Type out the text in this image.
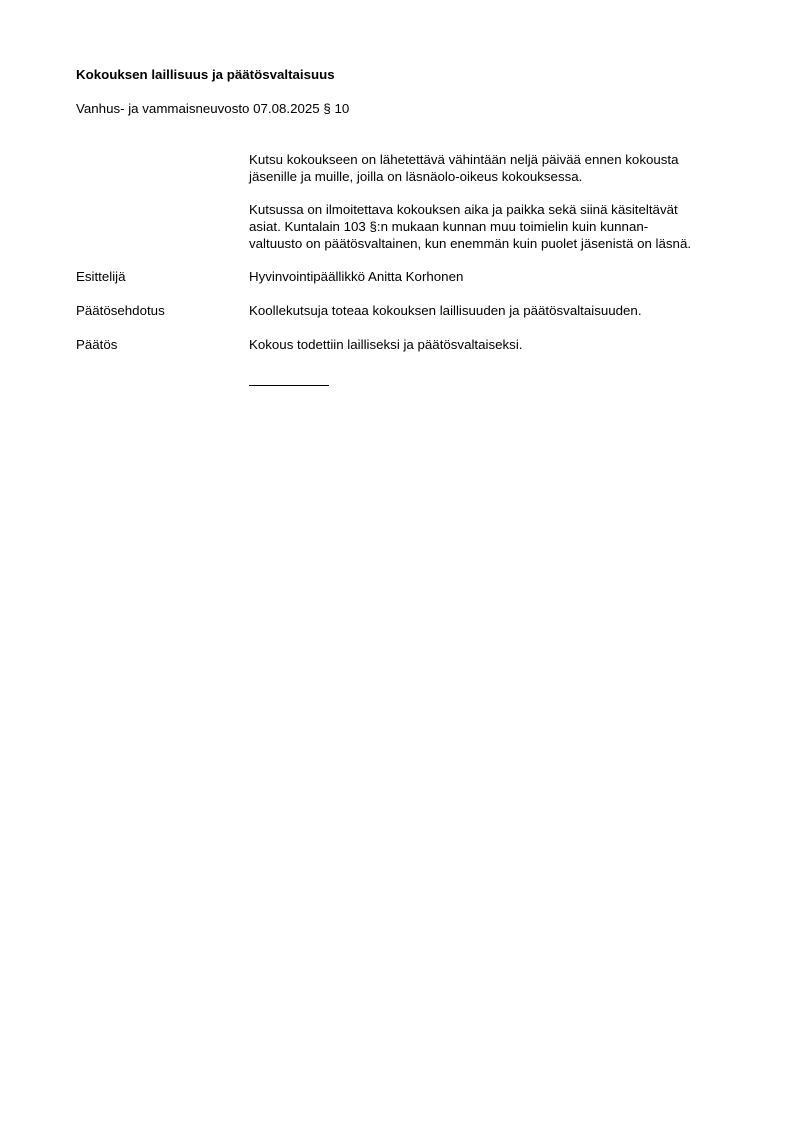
Kokouksen laillisuus ja päätösvaltaisuus
Vanhus- ja vammaisneuvosto 07.08.2025 § 10

Kutsu kokoukseen on lähetettävä vähintään neljä päivää ennen kokousta
jäsenille ja muille, joilla on läsnäolo-oikeus kokouksessa.

Kutsussa on ilmoitettava kokouksen aika ja paikka sekä siinä käsiteltävät
asiat. Kuntalain 103 §:n mukaan kunnan muu toimielin kuin kunnan-
valtuusto on päätösvaltainen, kun enemmän kuin puolet jäsenistä on läsnä.

Esittelijä	Hyvinvointipäällikkö Anitta Korhonen
Päätösehdotus	Koollekutsuja toteaa kokouksen laillisuuden ja päätösvaltaisuuden.
Päätös	Kokous todettiin lailliseksi ja päätösvaltaiseksi.
